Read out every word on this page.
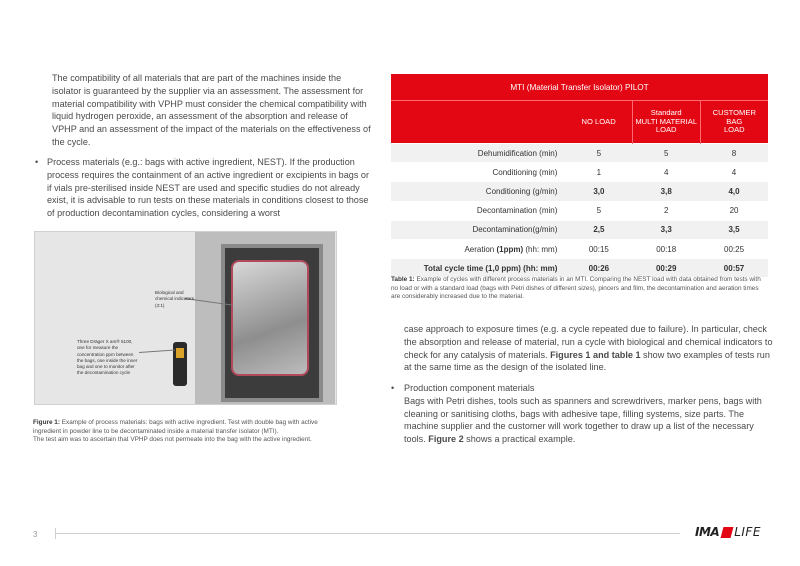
The compatibility of all materials that are part of the machines inside the isolator is guaranteed by the supplier via an assessment. The assessment for material compatibility with VPHP must consider the chemical compatibility with liquid hydrogen peroxide, an assessment of the absorption and release of VPHP and an assessment of the impact of the materials on the effectiveness of the cycle.
• Process materials (e.g.: bags with active ingredient, NEST). If the production process requires the containment of an active ingredient or excipients in bags or if vials pre-sterilised inside NEST are used and specific studies do not already exist, it is advisable to run tests on these materials in conditions closest to those of production decontamination cycles, considering a worst
Biological and chemical indicators (3:1)
Three Dräger X am® 5100, one for measure the concentration ppm between the bags, one inside the inner bag and one to monitor after the decontamination cycle
Figure 1: Example of process materials: bags with active ingredient. Test with double bag with active ingredient in powder line to be decontaminated inside a material transfer isolator (MTI).
The test aim was to ascertain that VPHP does not permeate into the bag with the active ingredient.
MTI (Material Transfer Isolator) PILOT			
	NO LOAD	Standard
MULTI MATERIAL
LOAD	CUSTOMER
BAG
LOAD
Dehumidification (min)	5	5	8
Conditioning (min)	1	4	4
Conditioning (g/min)	3,0	3,8	4,0
Decontamination (min)	5	2	20
Decontamination(g/min)	2,5	3,3	3,5
Aeration (1ppm) (hh: mm)	00:15	00:18	00:25
Total cycle time (1,0 ppm) (hh: mm)	00:26	00:29	00:57
Table 1: Example of cycles with different process materials in an MTI. Comparing the NEST load with data obtained from tests with no load or with a standard load (bags with Petri dishes of different sizes), pincers and film, the decontamination and aeration times are considerably increased due to the material.
case approach to exposure times (e.g. a cycle repeated due to failure). In particular, check the absorption and release of material, run a cycle with biological and chemical indicators to check for any catalysis of materials. Figures 1 and table 1 show two examples of tests run at the same time as the design of the isolated line.
• Production component materials
Bags with Petri dishes, tools such as spanners and screwdrivers, marker pens, bags with cleaning or sanitising cloths, bags with adhesive tape, filling systems, size parts. The machine supplier and the customer will work together to draw up a list of the necessary tools. Figure 2 shows a practical example.
3	IMA LIFE
